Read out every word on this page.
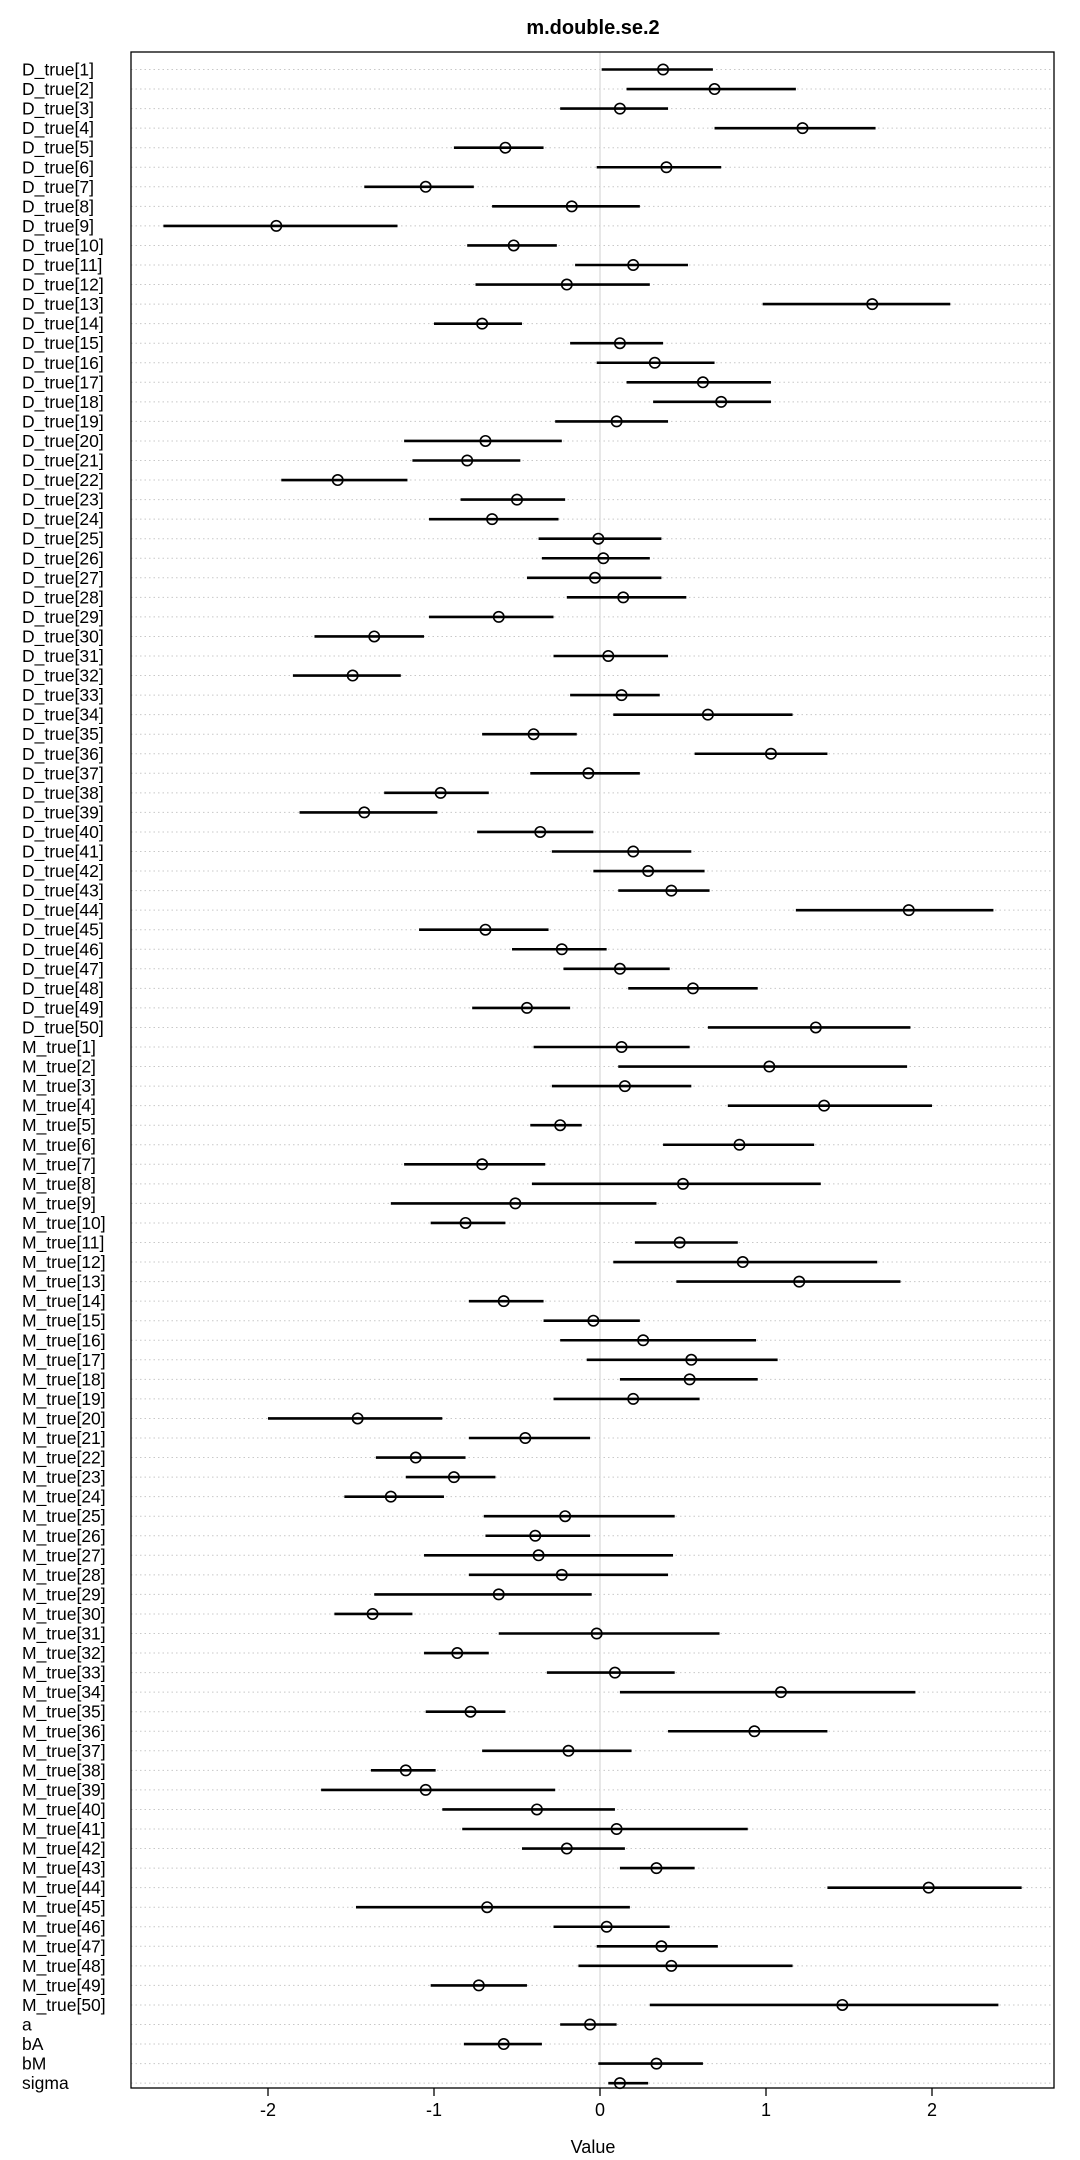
m.double.se.2
D_true[1]
D_true[2]
D_true[3]
D_true[4]
D_true[5]
D_true[6]
D_true[7]
D_true[8]
D_true[9]
D_true[10]
D_true[11]
D_true[12]
D_true[13]
D_true[14]
D_true[15]
D_true[16]
D_true[17]
D_true[18]
D_true[19]
D_true[20]
D_true[21]
D_true[22]
D_true[23]
D_true[24]
D_true[25]
D_true[26]
D_true[27]
D_true[28]
D_true[29]
D_true[30]
D_true[31]
D_true[32]
D_true[33]
D_true[34]
D_true[35]
D_true[36]
D_true[37]
D_true[38]
D_true[39]
D_true[40]
D_true[41]
D_true[42]
D_true[43]
D_true[44]
D_true[45]
D_true[46]
D_true[47]
D_true[48]
D_true[49]
D_true[50]
M_true[1]
M_true[2]
M_true[3]
M_true[4]
M_true[5]
M_true[6]
M_true[7]
M_true[8]
M_true[9]
M_true[10]
M_true[11]
M_true[12]
M_true[13]
M_true[14]
M_true[15]
M_true[16]
M_true[17]
M_true[18]
M_true[19]
M_true[20]
M_true[21]
M_true[22]
M_true[23]
M_true[24]
M_true[25]
M_true[26]
M_true[27]
M_true[28]
M_true[29]
M_true[30]
M_true[31]
M_true[32]
M_true[33]
M_true[34]
M_true[35]
M_true[36]
M_true[37]
M_true[38]
M_true[39]
M_true[40]
M_true[41]
M_true[42]
M_true[43]
M_true[44]
M_true[45]
M_true[46]
M_true[47]
M_true[48]
M_true[49]
M_true[50]
a
bA
bM
sigma
-2	-1	0	1	2
Value
